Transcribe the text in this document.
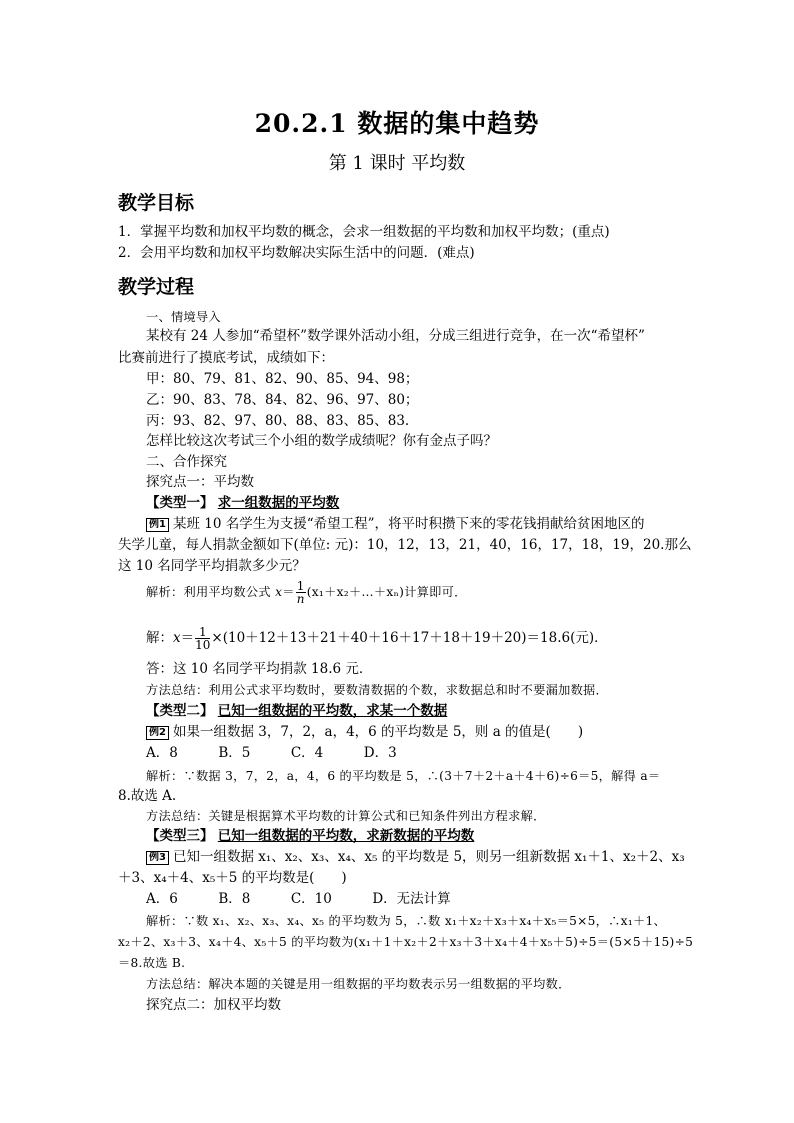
20.2.1 数据的集中趋势
第 1 课时 平均数
教学目标
1．掌握平均数和加权平均数的概念，会求一组数据的平均数和加权平均数；(重点)
2．会用平均数和加权平均数解决实际生活中的问题．(难点)
教学过程
一、情境导入
某校有 24 人参加“希望杯”数学课外活动小组，分成三组进行竞争，在一次“希望杯”
比赛前进行了摸底考试，成绩如下：
甲：80、79、81、82、90、85、94、98；
乙：90、83、78、84、82、96、97、80；
丙：93、82、97、80、88、83、85、83.
怎样比较这次考试三个小组的数学成绩呢？你有金点子吗？
二、合作探究
探究点一：平均数
【类型一】 求一组数据的平均数
例1 某班 10 名学生为支援“希望工程”，将平时积攒下来的零花钱捐献给贫困地区的
失学儿童，每人捐款金额如下(单位: 元)：10，12，13，21，40，16，17，18，19，20.那么
这 10 名同学平均捐款多少元？
解析：利用平均数公式 $x= \frac{1}{n}$ (x₁＋x₂＋…＋xₙ)计算即可．
解：$x= \frac{1}{10} \times(10+12+13+21+40+16+17+18+19+20)=18.6$(元)．
答：这 10 名同学平均捐款 18.6 元．
方法总结：利用公式求平均数时，要数清数据的个数，求数据总和时不要漏加数据．
【类型二】 已知一组数据的平均数，求某一个数据
例2 如果一组数据 3，7，2，a，4，6 的平均数是 5，则 a 的值是(　　)
A．8　　　B．5　　　C．4　　　D．3
解析：∵数据 3，7，2，a，4，6 的平均数是 5，∴(3＋7＋2＋a＋4＋6)÷6＝5，解得 a＝
8.故选 A.
方法总结：关键是根据算术平均数的计算公式和已知条件列出方程求解．
【类型三】 已知一组数据的平均数，求新数据的平均数
例3 已知一组数据 x₁、x₂、x₃、x₄、x₅ 的平均数是 5，则另一组新数据 x₁＋1、x₂＋2、x₃
＋3、x₄＋4、x₅＋5 的平均数是(　　)
A．6　　　B．8　　　C．10　　　D．无法计算
解析：∵数 x₁、x₂、x₃、x₄、x₅ 的平均数为 5，∴数 x₁＋x₂＋x₃＋x₄＋x₅＝5×5，∴x₁＋1、
x₂＋2、x₃＋3、x₄＋4、x₅＋5 的平均数为(x₁＋1＋x₂＋2＋x₃＋3＋x₄＋4＋x₅＋5)÷5＝(5×5＋15)÷5
＝8.故选 B.
方法总结：解决本题的关键是用一组数据的平均数表示另一组数据的平均数．
探究点二：加权平均数
